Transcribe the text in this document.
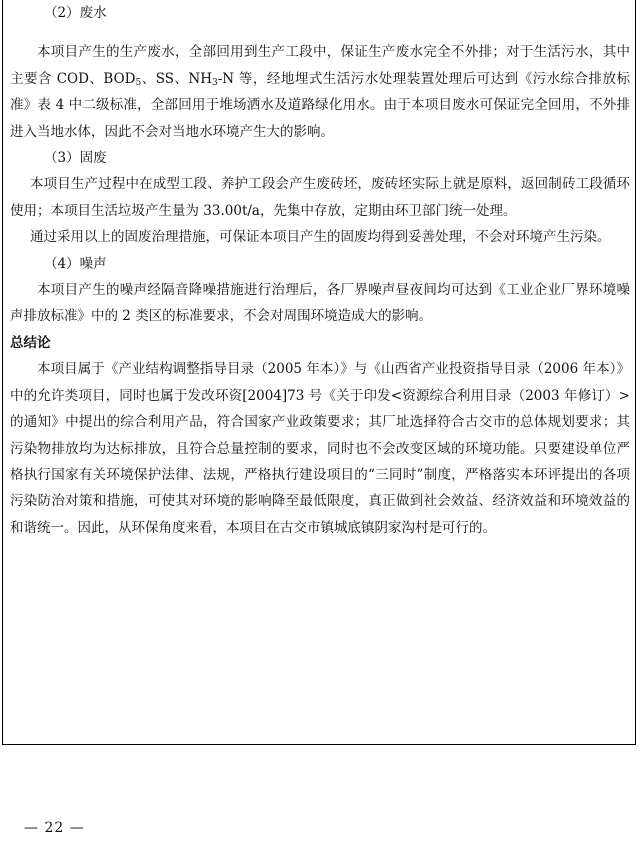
（2）废水

本项目产生的生产废水，全部回用到生产工段中，保证生产废水完全不外排；对于生活污水，其中主要含 COD、$BOD_5$、SS、$NH_3-N$ 等，经地埋式生活污水处理装置处理后可达到《污水综合排放标准》表 4 中二级标准，全部回用于堆场洒水及道路绿化用水。由于本项目废水可保证完全回用，不外排进入当地水体，因此不会对当地水环境产生大的影响。

（3）固废

本项目生产过程中在成型工段、养护工段会产生废砖坯，废砖坯实际上就是原料，返回制砖工段循环使用；本项目生活垃圾产生量为 33.00t/a，先集中存放，定期由环卫部门统一处理。

通过采用以上的固废治理措施，可保证本项目产生的固废均得到妥善处理，不会对环境产生污染。

（4）噪声

本项目产生的噪声经隔音降噪措施进行治理后，各厂界噪声昼夜间均可达到《工业企业厂界环境噪声排放标准》中的 2 类区的标准要求，不会对周围环境造成大的影响。

总结论

本项目属于《产业结构调整指导目录（2005 年本）》与《山西省产业投资指导目录（2006 年本）》中的允许类项目，同时也属于发改环资[2004]73 号《关于印发<资源综合利用目录（2003 年修订）>的通知》中提出的综合利用产品，符合国家产业政策要求；其厂址选择符合古交市的总体规划要求；其污染物排放均为达标排放，且符合总量控制的要求，同时也不会改变区域的环境功能。只要建设单位严格执行国家有关环境保护法律、法规，严格执行建设项目的“三同时”制度，严格落实本环评提出的各项污染防治对策和措施，可使其对环境的影响降至最低限度，真正做到社会效益、经济效益和环境效益的和谐统一。因此，从环保角度来看，本项目在古交市镇城底镇阴家沟村是可行的。

— 22 —
